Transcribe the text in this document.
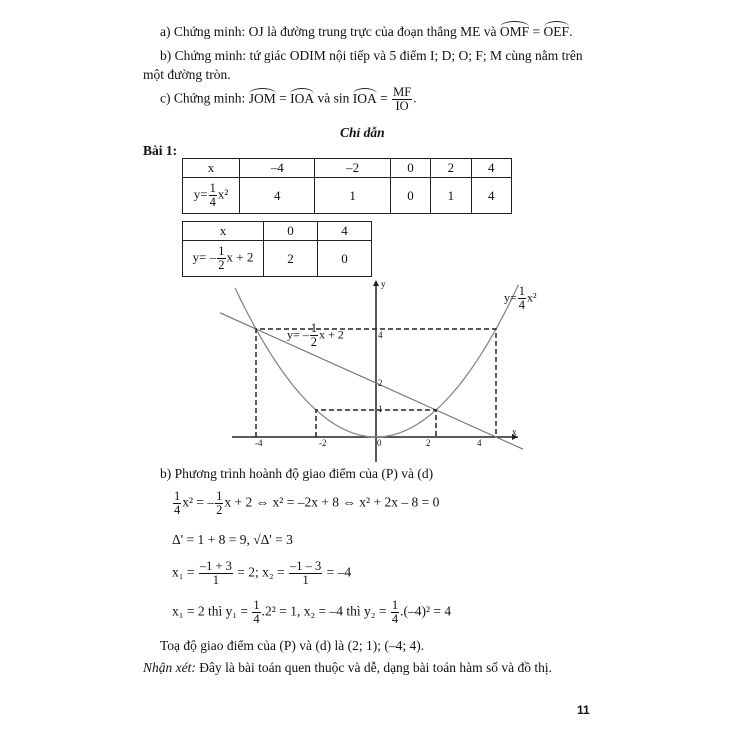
a) Chứng minh: OJ là đường trung trực của đoạn thẳng ME và OMF = OEF.
b) Chứng minh: tứ giác ODIM nội tiếp và 5 điểm I; D; O; F; M cùng nằm trên
một đường tròn.
c) Chứng minh: JOM = IOA và sin IOA = $\frac{MF}{IO}$ .
Chỉ dẫn
Bài 1:
x	–4	–2	0	2	4
$y= \frac{1}{4} x^2$	4	1	0	1	4
x	0	4
$y= - \frac{1}{2}$ x + 2	2	0
$y= \frac{1}{4} x^2$
$y= - \frac{1}{2}$ x + 2
y
x
-4	-2	0	2	4
4
2
1
b) Phương trình hoành độ giao điểm của (P) và (d)
$\frac{1}{4} x^2$ = – $\frac{1}{2}$ x + 2 ⇔ x² = –2x + 8 ⇔ x² + 2x – 8 = 0
Δ' = 1 + 8 = 9, √Δ' = 3
$x_1 = \frac{-1 + 3}{1} = 2$; $x_2 = \frac{-1 - 3}{1} = -4$
x₁ = 2 thì $y_1 = \frac{1}{4} .2^2 = 1$, x₂ = –4 thì $y_2 = \frac{1}{4} .(-4)^2 = 4$
Toạ độ giao điểm của (P) và (d) là (2; 1); (–4; 4).
Nhận xét: Đây là bài toán quen thuộc và dễ, dạng bài toán hàm số và đồ thị.
11
